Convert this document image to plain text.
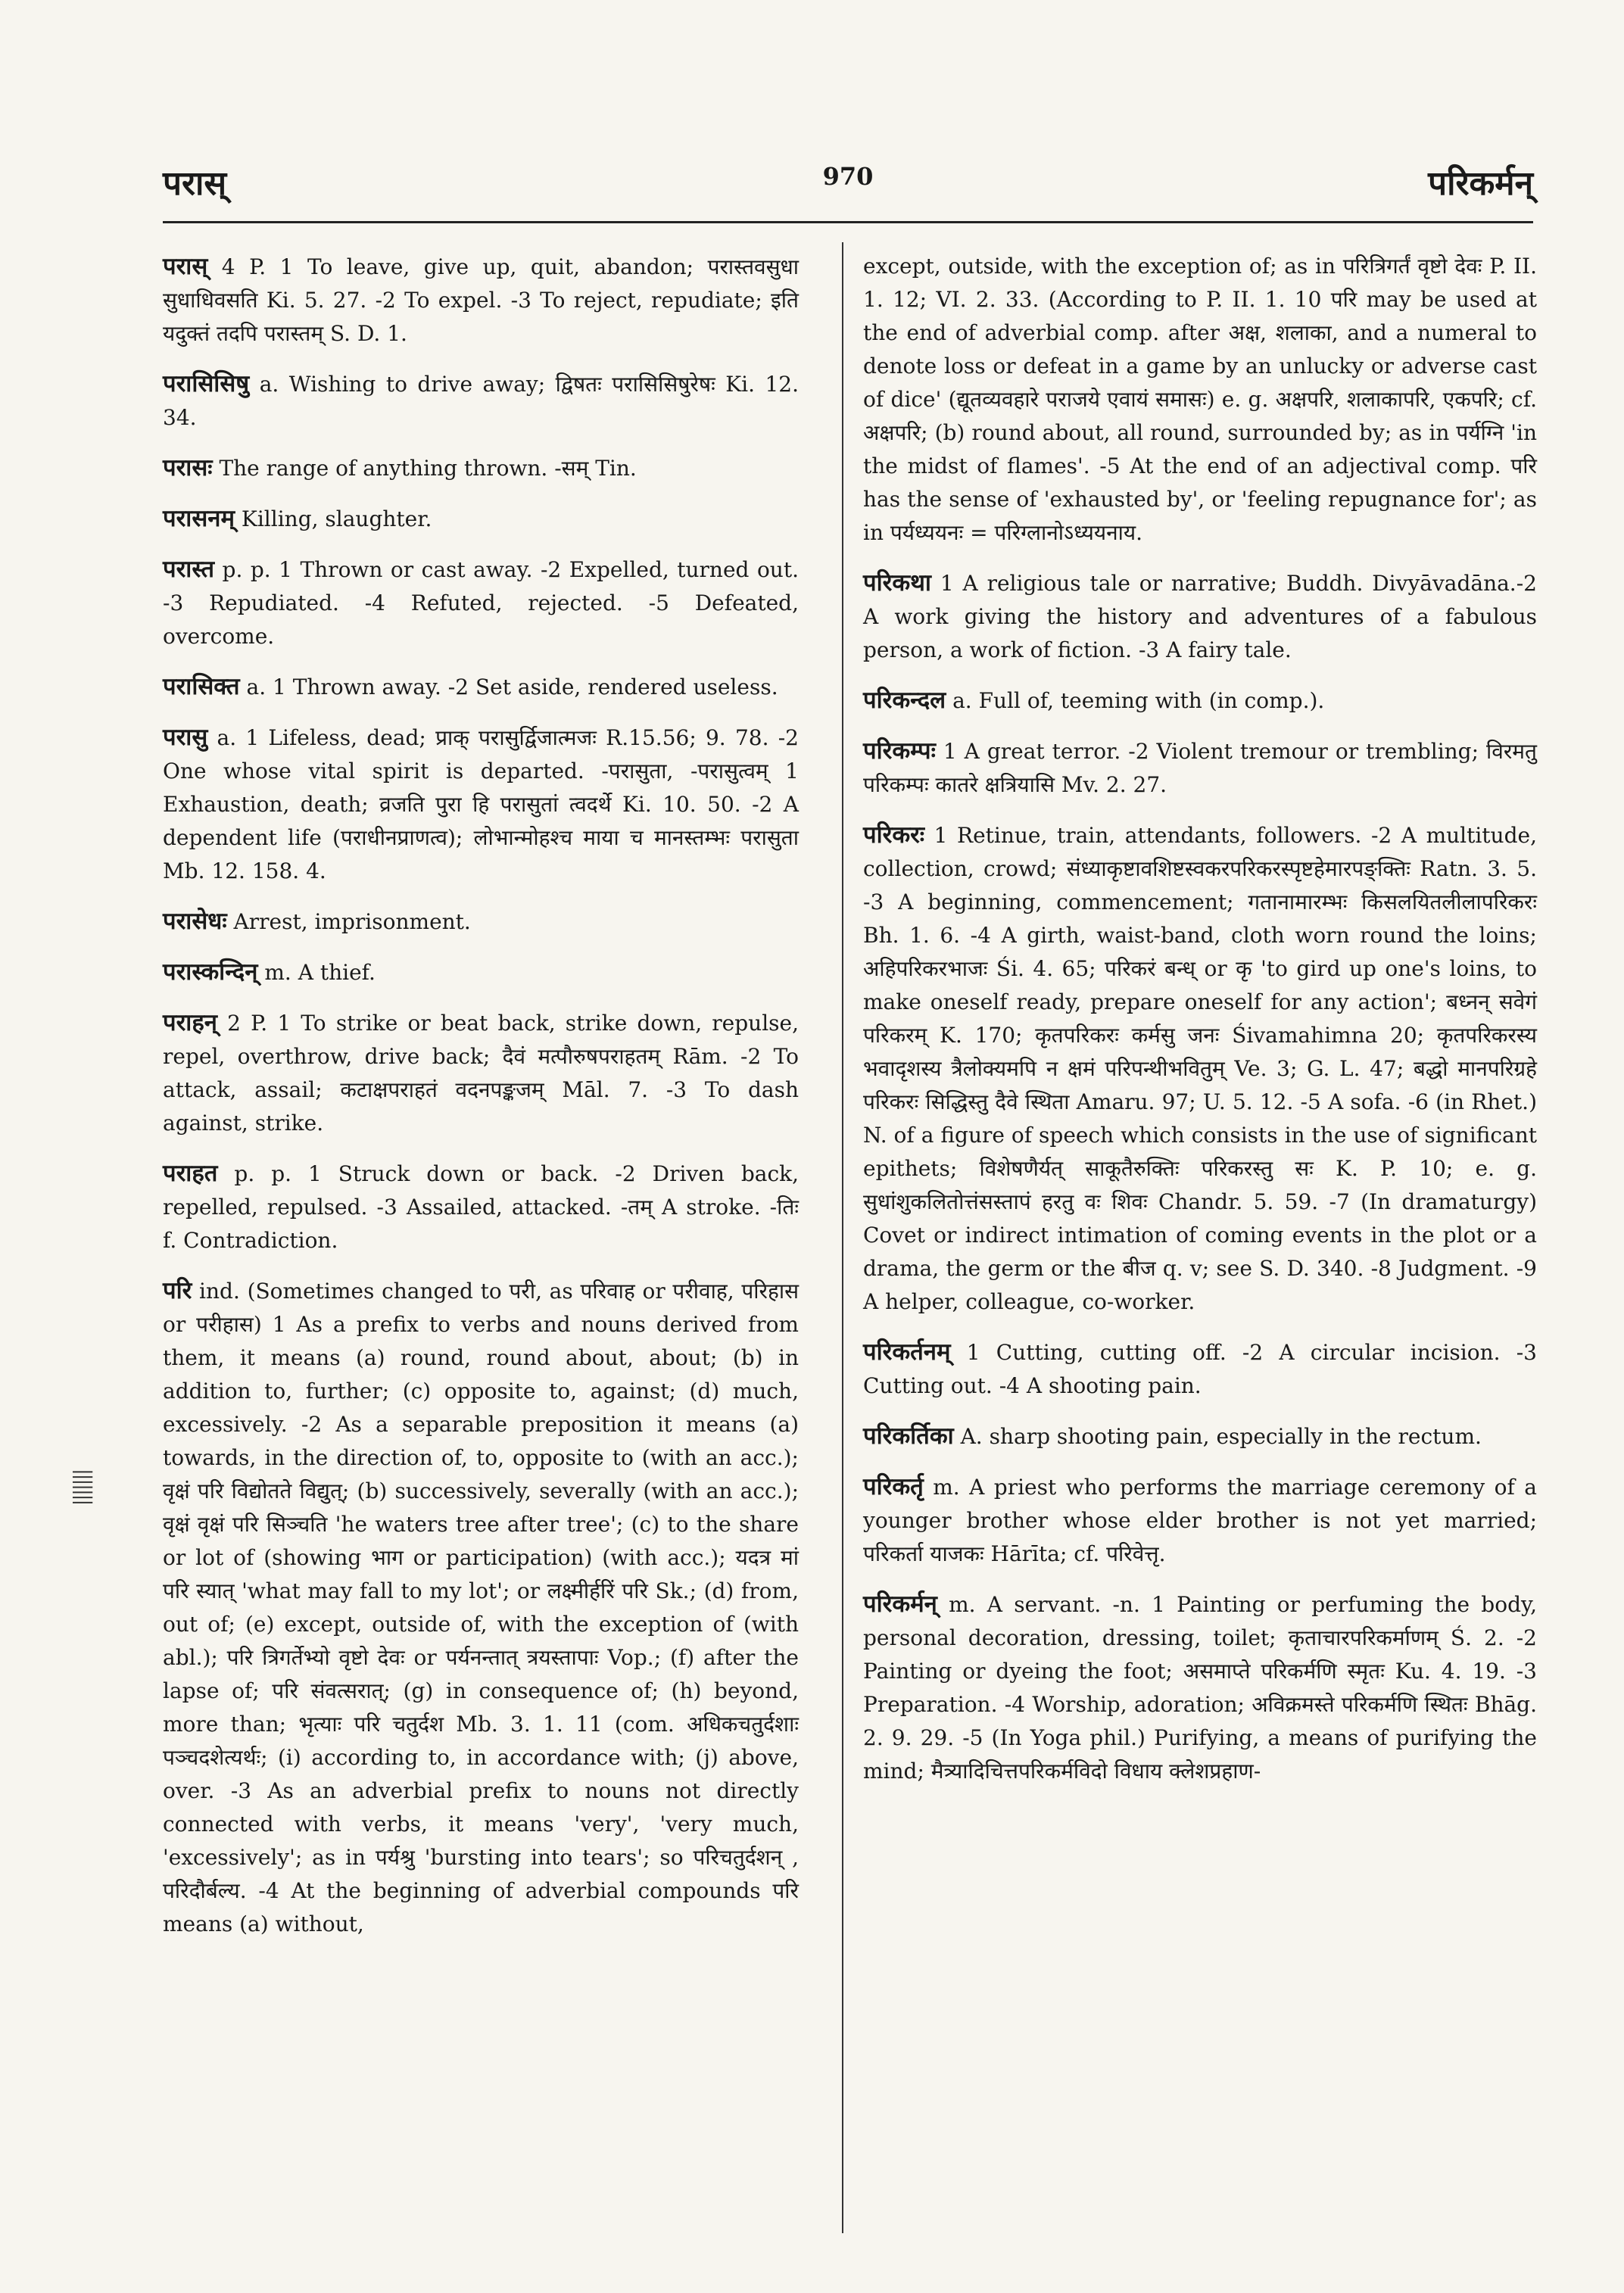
परास्	970	परिकर्मन्
|||||||

परास् 4 P. 1 To leave, give up, quit, abandon; परास्तवसुधा सुधाधिवसति Ki. 5. 27. -2 To expel. -3 To reject, repudiate; इति यदुक्तं तदपि परास्तम् S. D. 1.

परासिसिषु a. Wishing to drive away; द्विषतः परासिसिषुरेषः Ki. 12. 34.

परासः The range of anything thrown. -सम् Tin.

परासनम् Killing, slaughter.

परास्त p. p. 1 Thrown or cast away. -2 Expelled, turned out. -3 Repudiated. -4 Refuted, rejected. -5 Defeated, overcome.

परासिक्त a. 1 Thrown away. -2 Set aside, rendered useless.

परासु a. 1 Lifeless, dead; प्राक् परासुर्द्विजात्मजः R.15.56; 9. 78. -2 One whose vital spirit is departed. -परासुता, -परासुत्वम् 1 Exhaustion, death; व्रजति पुरा हि परासुतां त्वदर्थे Ki. 10. 50. -2 A dependent life (पराधीनप्राणत्व); लोभान्मोहश्च माया च मानस्तम्भः परासुता Mb. 12. 158. 4.

परासेधः Arrest, imprisonment.

परास्कन्दिन् m. A thief.

पराहन् 2 P. 1 To strike or beat back, strike down, repulse, repel, overthrow, drive back; दैवं मत्पौरुषपराहतम् Rām. -2 To attack, assail; कटाक्षपराहतं वदनपङ्कजम् Māl. 7. -3 To dash against, strike.

पराहत p. p. 1 Struck down or back. -2 Driven back, repelled, repulsed. -3 Assailed, attacked. -तम् A stroke. -तिः f. Contradiction.

परि ind. (Sometimes changed to परी, as परिवाह or परीवाह, परिहास or परीहास) 1 As a prefix to verbs and nouns derived from them, it means (a) round, round about, about; (b) in addition to, further; (c) opposite to, against; (d) much, excessively. -2 As a separable preposition it means (a) towards, in the direction of, to, opposite to (with an acc.); वृक्षं परि विद्योतते विद्युत्; (b) successively, severally (with an acc.); वृक्षं वृक्षं परि सिञ्चति 'he waters tree after tree'; (c) to the share or lot of (showing भाग or participation) (with acc.); यदत्र मां परि स्यात् 'what may fall to my lot'; or लक्ष्मीर्हरिं परि Sk.; (d) from, out of; (e) except, outside of, with the exception of (with abl.); परि त्रिगर्तेभ्यो वृष्टो देवः or पर्यनन्तात् त्रयस्तापाः Vop.; (f) after the lapse of; परि संवत्सरात्; (g) in consequence of; (h) beyond, more than; भृत्याः परि चतुर्दश Mb. 3. 1. 11 (com. अधिकचतुर्दशाः पञ्चदशेत्यर्थः; (i) according to, in accordance with; (j) above, over. -3 As an adverbial prefix to nouns not directly connected with verbs, it means 'very', 'very much, 'excessively'; as in पर्यश्रु 'bursting into tears'; so परिचतुर्दशन् , परिदौर्बल्य. -4 At the beginning of adverbial compounds परि means (a) without,

except, outside, with the exception of; as in परित्रिगर्तं वृष्टो देवः P. II. 1. 12; VI. 2. 33. (According to P. II. 1. 10 परि may be used at the end of adverbial comp. after अक्ष, शलाका, and a numeral to denote loss or defeat in a game by an unlucky or adverse cast of dice' (द्यूतव्यवहारे पराजये एवायं समासः) e. g. अक्षपरि, शलाकापरि, एकपरि; cf. अक्षपरि; (b) round about, all round, surrounded by; as in पर्यग्नि 'in the midst of flames'. -5 At the end of an adjectival comp. परि has the sense of 'exhausted by', or 'feeling repugnance for'; as in पर्यध्ययनः = परिग्लानोऽध्ययनाय.

परिकथा 1 A religious tale or narrative; Buddh. Divyāvadāna.-2 A work giving the history and adventures of a fabulous person, a work of fiction. -3 A fairy tale.

परिकन्दल a. Full of, teeming with (in comp.).

परिकम्पः 1 A great terror. -2 Violent tremour or trembling; विरमतु परिकम्पः कातरे क्षत्रियासि Mv. 2. 27.

परिकरः 1 Retinue, train, attendants, followers. -2 A multitude, collection, crowd; संध्याकृष्टावशिष्टस्वकरपरिकरस्पृष्टहेमारपङ्क्तिः Ratn. 3. 5. -3 A beginning, commencement; गतानामारम्भः किसलयितलीलापरिकरः Bh. 1. 6. -4 A girth, waist-band, cloth worn round the loins; अहिपरिकरभाजः Śi. 4. 65; परिकरं बन्ध् or कृ 'to gird up one's loins, to make oneself ready, prepare oneself for any action'; बध्नन् सवेगं परिकरम् K. 170; कृतपरिकरः कर्मसु जनः Śivamahimna 20; कृतपरिकरस्य भवादृशस्य त्रैलोक्यमपि न क्षमं परिपन्थीभवितुम् Ve. 3; G. L. 47; बद्धो मानपरिग्रहे परिकरः सिद्धिस्तु दैवे स्थिता Amaru. 97; U. 5. 12. -5 A sofa. -6 (in Rhet.) N. of a figure of speech which consists in the use of significant epithets; विशेषणैर्यत् साकूतैरुक्तिः परिकरस्तु सः K. P. 10; e. g. सुधांशुकलितोत्तंसस्तापं हरतु वः शिवः Chandr. 5. 59. -7 (In dramaturgy) Covet or indirect intimation of coming events in the plot or a drama, the germ or the बीज q. v; see S. D. 340. -8 Judgment. -9 A helper, colleague, co-worker.

परिकर्तनम् 1 Cutting, cutting off. -2 A circular incision. -3 Cutting out. -4 A shooting pain.

परिकर्तिका A. sharp shooting pain, especially in the rectum.

परिकर्तृ m. A priest who performs the marriage ceremony of a younger brother whose elder brother is not yet married; परिकर्ता याजकः Hārīta; cf. परिवेत्तृ.

परिकर्मन् m. A servant. -n. 1 Painting or perfuming the body, personal decoration, dressing, toilet; कृताचारपरिकर्माणम् Ś. 2. -2 Painting or dyeing the foot; असमाप्ते परिकर्मणि स्मृतः Ku. 4. 19. -3 Preparation. -4 Worship, adoration; अविक्रमस्ते परिकर्मणि स्थितः Bhāg. 2. 9. 29. -5 (In Yoga phil.) Purifying, a means of purifying the mind; मैत्र्यादिचित्तपरिकर्मविदो विधाय क्लेशप्रहाण-
